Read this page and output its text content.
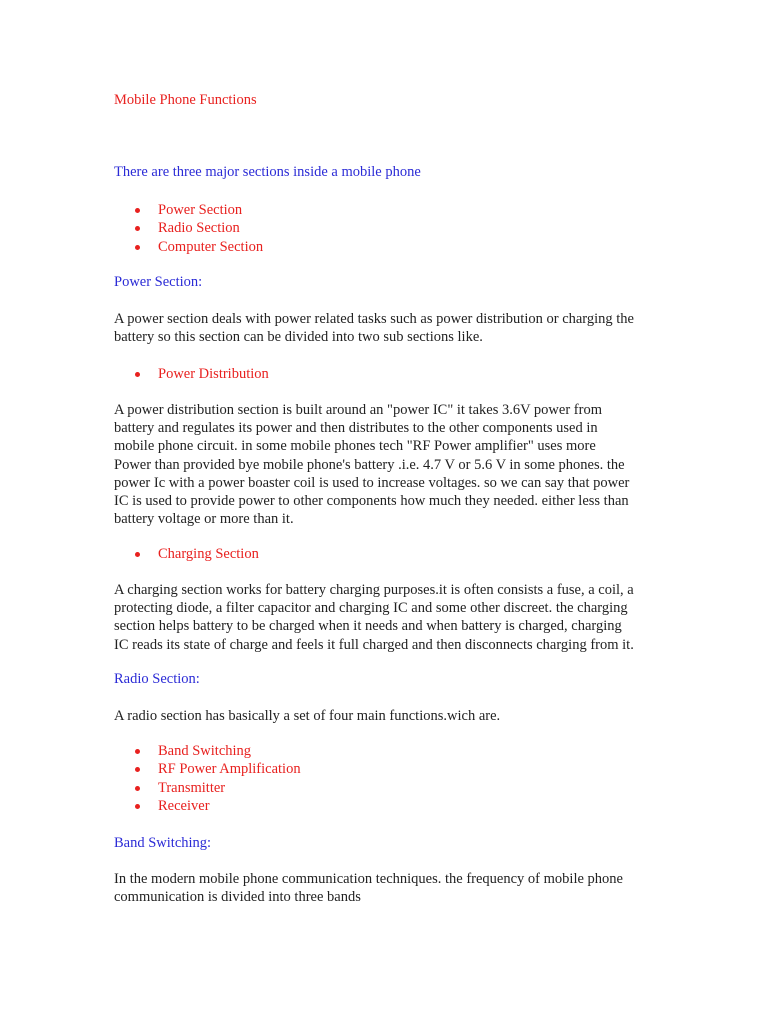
Mobile Phone Functions
There are three major sections inside a mobile phone
Power Section
Radio Section
Computer Section
Power Section:
A power section deals with power related tasks such as power distribution or charging the
battery so this section can be divided into two sub sections like.
Power Distribution
A power distribution section is built around an "power IC" it takes 3.6V power from
battery and regulates its power and then distributes to the other components used in
mobile phone circuit. in some mobile phones tech "RF Power amplifier" uses more
Power than provided bye mobile phone's battery .i.e. 4.7 V or 5.6 V in some phones. the
power Ic with a power boaster coil is used to increase voltages. so we can say that power
IC is used to provide power to other components how much they needed. either less than
battery voltage or more than it.
Charging Section
A charging section works for battery charging purposes.it is often consists a fuse, a coil, a
protecting diode, a filter capacitor and charging IC and some other discreet. the charging
section helps battery to be charged when it needs and when battery is charged, charging
IC reads its state of charge and feels it full charged and then disconnects charging from it.
Radio Section:
A radio section has basically a set of four main functions.wich are.
Band Switching
RF Power Amplification
Transmitter
Receiver
Band Switching:
In the modern mobile phone communication techniques. the frequency of mobile phone
communication is divided into three bands
